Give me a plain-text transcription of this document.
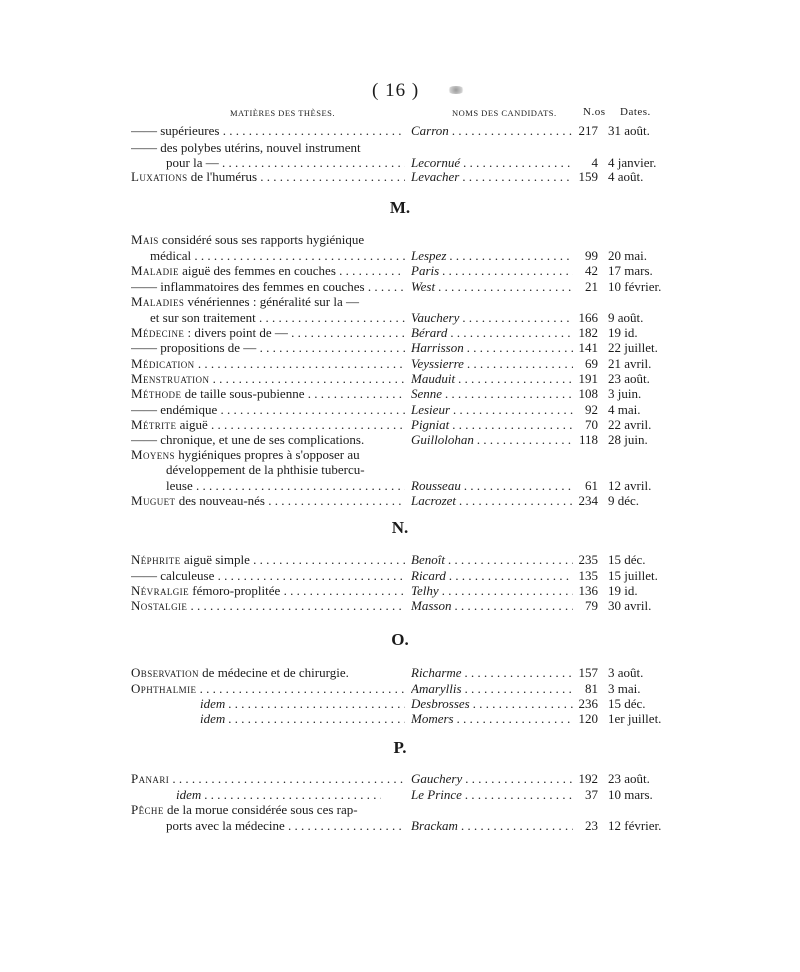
( 16 )
MATIÈRES DES THÈSES.	NOMS DES CANDIDATS. N.os Dates.
—— supérieures . . .	Carron . . .	217 31 août.
—— des polybes utérins, nouvel instrument
pour la — . . .	Lecornué . . .	4 4 janvier.
Luxations de l'humérus . . .	Levacher . . .	159 4 août.
M.
Mais considéré sous ses rapports hygiénique
médical . . .	Lespez . . .	99 20 mai.
Maladie aiguë des femmes en couches . . .	Paris . . .	42 17 mars.
—— inflammatoires des femmes en couches . . .	West . . .	21 10 février.
Maladies vénériennes : généralité sur la —
et sur son traitement . . .	Vauchery . . .	166 9 août.
Médecine : divers point de — . . .	Bérard . . .	182 19 id.
—— propositions de — . . .	Harrisson . . .	141 22 juillet.
Médication . . .	Veyssierre . . .	69 21 avril.
Menstruation . . .	Mauduit . . .	191 23 août.
Méthode de taille sous-pubienne . . .	Senne . . .	108 3 juin.
—— endémique . . .	Lesieur . . .	92 4 mai.
Métrite aiguë . . .	Pigniat . . .	70 22 avril.
—— chronique, et une de ses complications.	Guillolohan . . .	118 28 juin.
Moyens hygiéniques propres à s'opposer au
développement de la phthisie tubercu-
leuse . . .	Rousseau . . .	61 12 avril.
Muguet des nouveau-nés . . .	Lacrozet . . .	234 9 déc.
N.
Néphrite aiguë simple . . .	Benoît . . .	235 15 déc.
—— calculeuse . . .	Ricard . . .	135 15 juillet.
Névralgie fémoro-proplitée . . .	Telhy . . .	136 19 id.
Nostalgie . . .	Masson . . .	79 30 avril.
O.
Observation de médecine et de chirurgie.	Richarme . . .	157 3 août.
Ophthalmie . . .	Amaryllis . . .	81 3 mai.
idem . . .	Desbrosses . . .	236 15 déc.
idem . . .	Momers . . .	120 1er juillet.
P.
Panari . . .	Gauchery . . .	192 23 août.
idem . . .	Le Prince . . .	37 10 mars.
Pêche de la morue considérée sous ces rap-
ports avec la médecine . . .	Brackam . . .	23 12 février.
